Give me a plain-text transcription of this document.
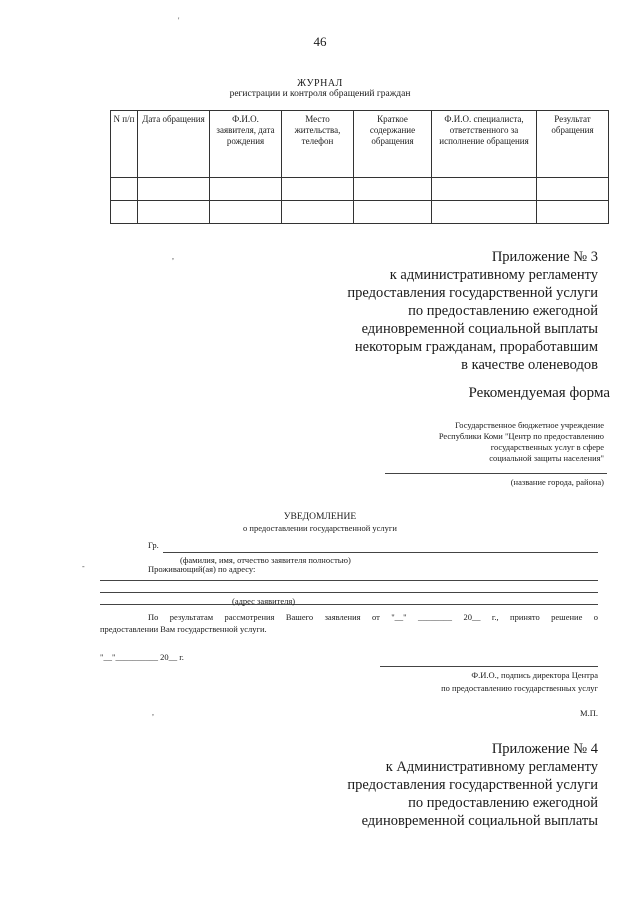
46
ЖУРНАЛ
регистрации и контроля обращений граждан
N п/п	Дата обращения	Ф.И.О. заявителя, дата рождения	Место жительства, телефон	Краткое содержание обращения	Ф.И.О. специалиста, ответственного за исполнение обращения	Результат обращения

Приложение № 3
к административному регламенту
предоставления государственной услуги
по предоставлению ежегодной
единовременной социальной выплаты
некоторым гражданам, проработавшим
в качестве оленеводов
Рекомендуемая форма
Государственное бюджетное учреждение
Республики Коми "Центр по предоставлению
государственных услуг в сфере
социальной защиты населения"
(название города, района)
УВЕДОМЛЕНИЕ
о предоставлении государственной услуги
Гр.
(фамилия, имя, отчество заявителя полностью)
Проживающий(ая) по адресу:
(адрес заявителя)
По результатам рассмотрения Вашего заявления от "__" ________ 20__ г., принято решение о
предоставлении Вам государственной услуги.
"__"__________ 20__ г.
Ф.И.О., подпись директора Центра
по предоставлению государственных услуг
М.П.
Приложение № 4
к Административному регламенту
предоставления государственной услуги
по предоставлению ежегодной
единовременной социальной выплаты
'
,
-
,
